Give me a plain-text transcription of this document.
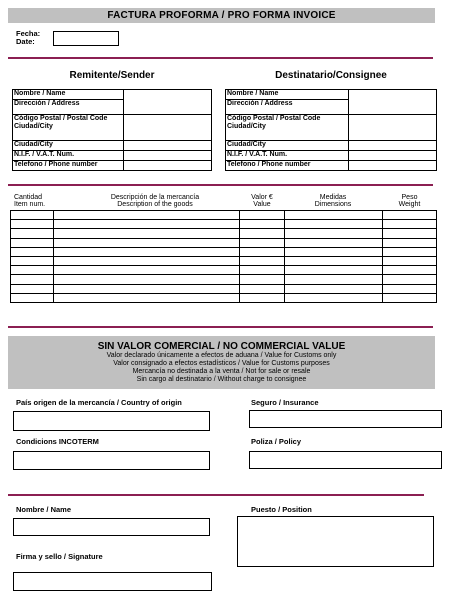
FACTURA PROFORMA / PRO FORMA INVOICE
Fecha:
Date:
Remitente/Sender	Destinatario/Consignee
Nombre / Name	
Dirección / Address	
Código Postal / Postal Code
Ciudad/City	
Ciudad/City	
N.I.F. / V.A.T. Num.	
Telefono / Phone number	
Nombre / Name	
Dirección / Address	
Código Postal / Postal Code
Ciudad/City	
Ciudad/City	
N.I.F. / V.A.T. Num.	
Telefono / Phone number	
Cantidad
Item num.
Descripción de la mercancía
Description of the goods
Valor €
Value
Medidas
Dimensions
Peso
Weight

SIN VALOR COMERCIAL / NO COMMERCIAL VALUE
Valor declarado únicamente a efectos de aduana / Value for Customs only
Valor consignado a efectos estadísticos / Value for Customs purposes
Mercancía no destinada a la venta / Not for sale or resale
Sin cargo al destinatario / Without charge to consignee
País origen de la mercancía / Country of origin	Seguro / Insurance
Condicions INCOTERM	Poliza / Policy
Nombre / Name	Puesto / Position
Firma y sello / Signature
